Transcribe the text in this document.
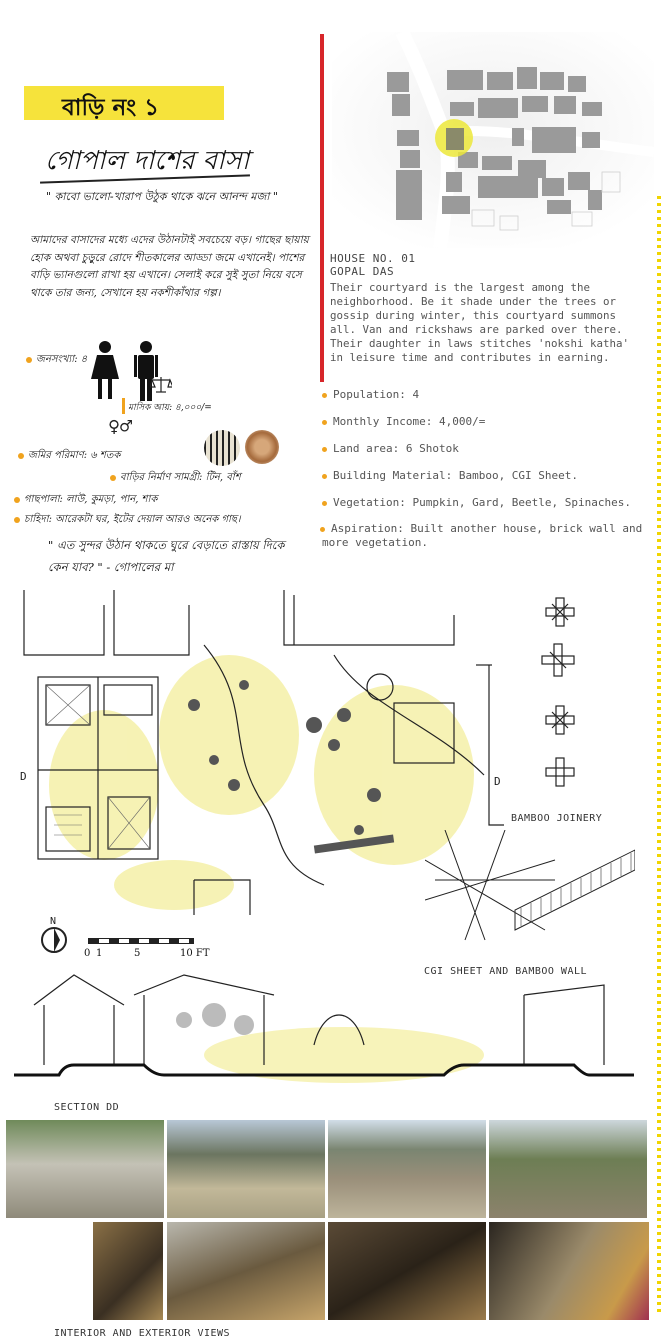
বাড়ি নং ১
গোপাল দাশের বাসা
" কাবো ভালো-খারাপ উঠুক থাকে ঝনে আনন্দ মজা "
আমাদের বাসাদের মধ্যে এদের উঠানটাই সবচেয়ে বড়। গাছের ছায়ায় হোক অথবা চুড়ুরে রোদে শীতকালের আড্ডা জমে এখানেই। পাশের বাড়ি ভ্যানগুলো রাখা হয় এখানে। সেলাই করে সুই সুতা নিয়ে বসে থাকে তার জন্য, সেখানে হয় নকশীকাঁথার গল্প।
জনসংখ্যা: ৪
মাসিক আয়: ৪,০০০/=
♀♂
জমির পরিমাণ: ৬ শতক
বাড়ির নির্মাণ সামগ্রী: টিন, বাঁশ
গাছপালা: লাউ, কুমড়া, পান, শাক
চাহিদা: আরেকটা ঘর, ইটের দেয়াল আরও অনেক গাছ।
" এত সুন্দর উঠান থাকতে ঘুরে বেড়াতে রাস্তায় দিকে কেন যাব? " - গোপালের মা
HOUSE NO. 01
GOPAL DAS
Their courtyard is the largest among the neighborhood. Be it shade under the trees or gossip during winter, this courtyard summons all. Van and rickshaws are parked over there. Their daughter in laws stitches 'nokshi katha' in leisure time and contributes in earning.
Population: 4
Monthly Income: 4,000/=
Land area: 6 Shotok
Building Material: Bamboo, CGI Sheet.
Vegetation: Pumpkin, Gard, Beetle, Spinaches.
Aspiration: Built another house, brick wall and more vegetation.
D	D
N
0 1	5	10 FT
BAMBOO JOINERY
CGI SHEET AND BAMBOO WALL
SECTION DD
INTERIOR AND EXTERIOR VIEWS
